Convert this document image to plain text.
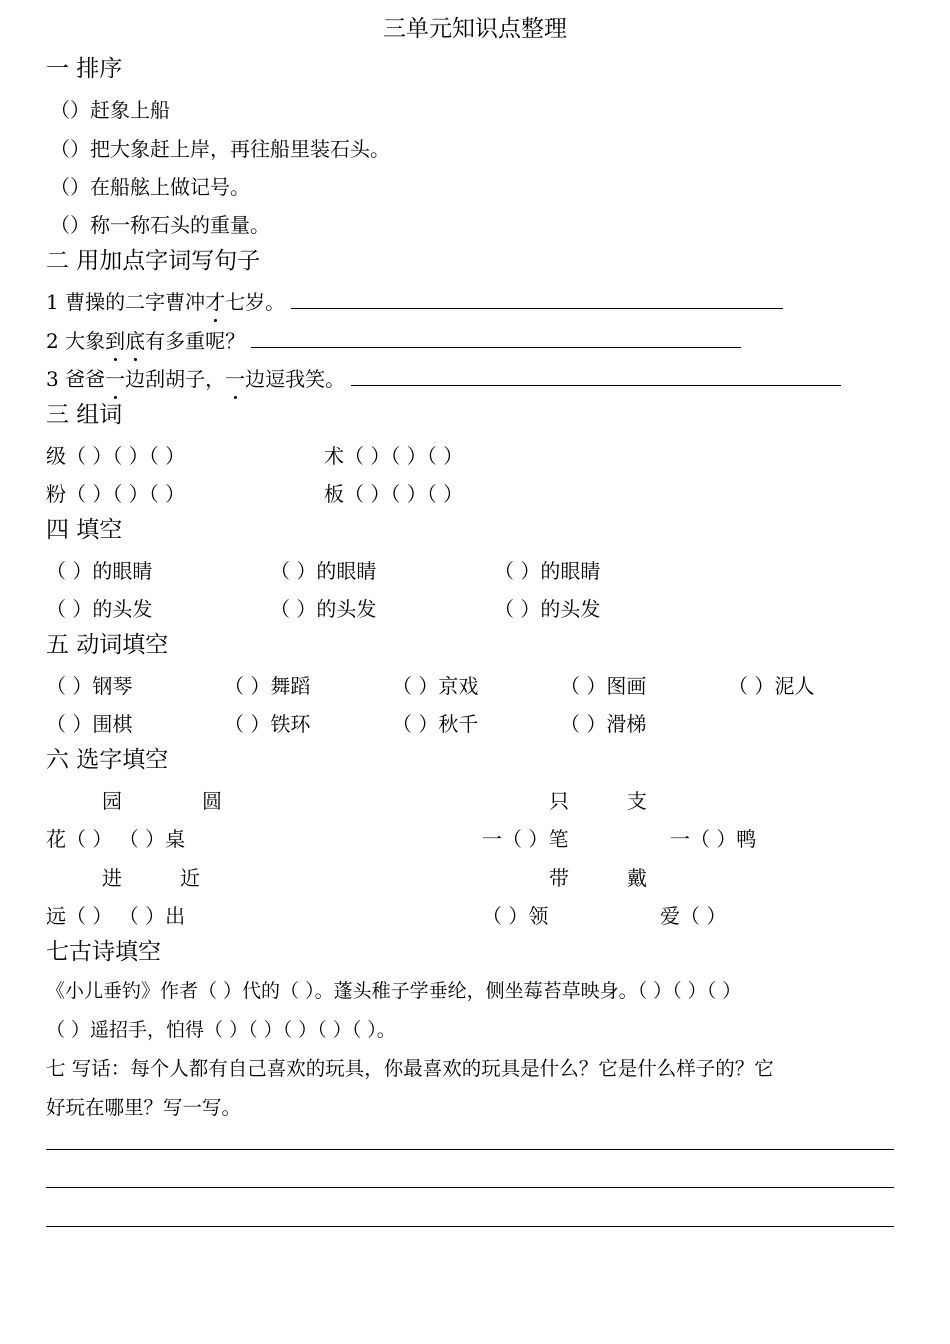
三单元知识点整理
一 排序
（）赶象上船
（）把大象赶上岸，再往船里装石头。
（）在船舷上做记号。
（）称一称石头的重量。
二 用加点字词写句子
1 曹操的二字曹冲才七岁。
2 大象到底有多重呢？
3 爸爸一边刮胡子，一边逗我笑。
三 组词
级（ ）（ ）（ ）	术（ ）（ ）（ ）
粉（ ）（ ）（ ）	板（ ）（ ）（ ）
四 填空
（ ）的眼睛	（ ）的眼睛	（ ）的眼睛
（ ）的头发	（ ）的头发	（ ）的头发
五 动词填空
（ ）钢琴	（ ）舞蹈	（ ）京戏	（ ）图画	（ ）泥人
（ ）围棋	（ ）铁环	（ ）秋千	（ ）滑梯
六 选字填空
园	圆	只	支
花（ ） （ ）桌	一（ ）笔	一（ ）鸭
进	近	带	戴
远（ ） （ ）出	（ ）领	爱（ ）
七古诗填空
《小儿垂钓》作者（ ）代的（ ）。蓬头稚子学垂纶，侧坐莓苔草映身。（ ）（ ）（ ）
（ ）遥招手，怕得（ ）（ ）（ ）（ ）（ ）。
七 写话：每个人都有自己喜欢的玩具，你最喜欢的玩具是什么？它是什么样子的？它
好玩在哪里？写一写。
